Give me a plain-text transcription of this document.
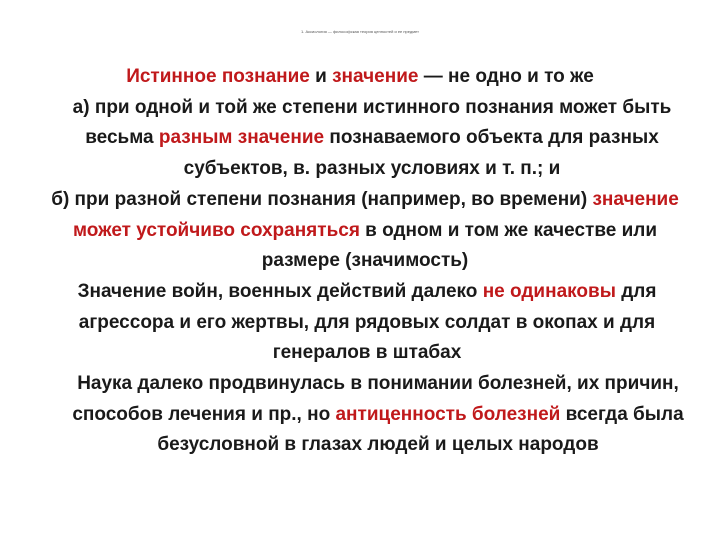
1. Аксиология — философская теория ценностей и ее предмет

Истинное познание и значение — не одно и то же

а) при одной и той же степени истинного познания может быть весьма разным значение познаваемого объекта для разных субъектов, в. разных условиях и т. п.; и

б) при разной степени познания (например, во времени) значение может устойчиво сохраняться в одном и том же качестве или размере (значимость)

Значение войн, военных действий далеко не одинаковы для агрессора и его жертвы, для рядовых солдат в окопах и для генералов в штабах

Наука далеко продвинулась в понимании болезней, их причин, способов лечения и пр., но антиценность болезней всегда была безусловной в глазах людей и целых народов
